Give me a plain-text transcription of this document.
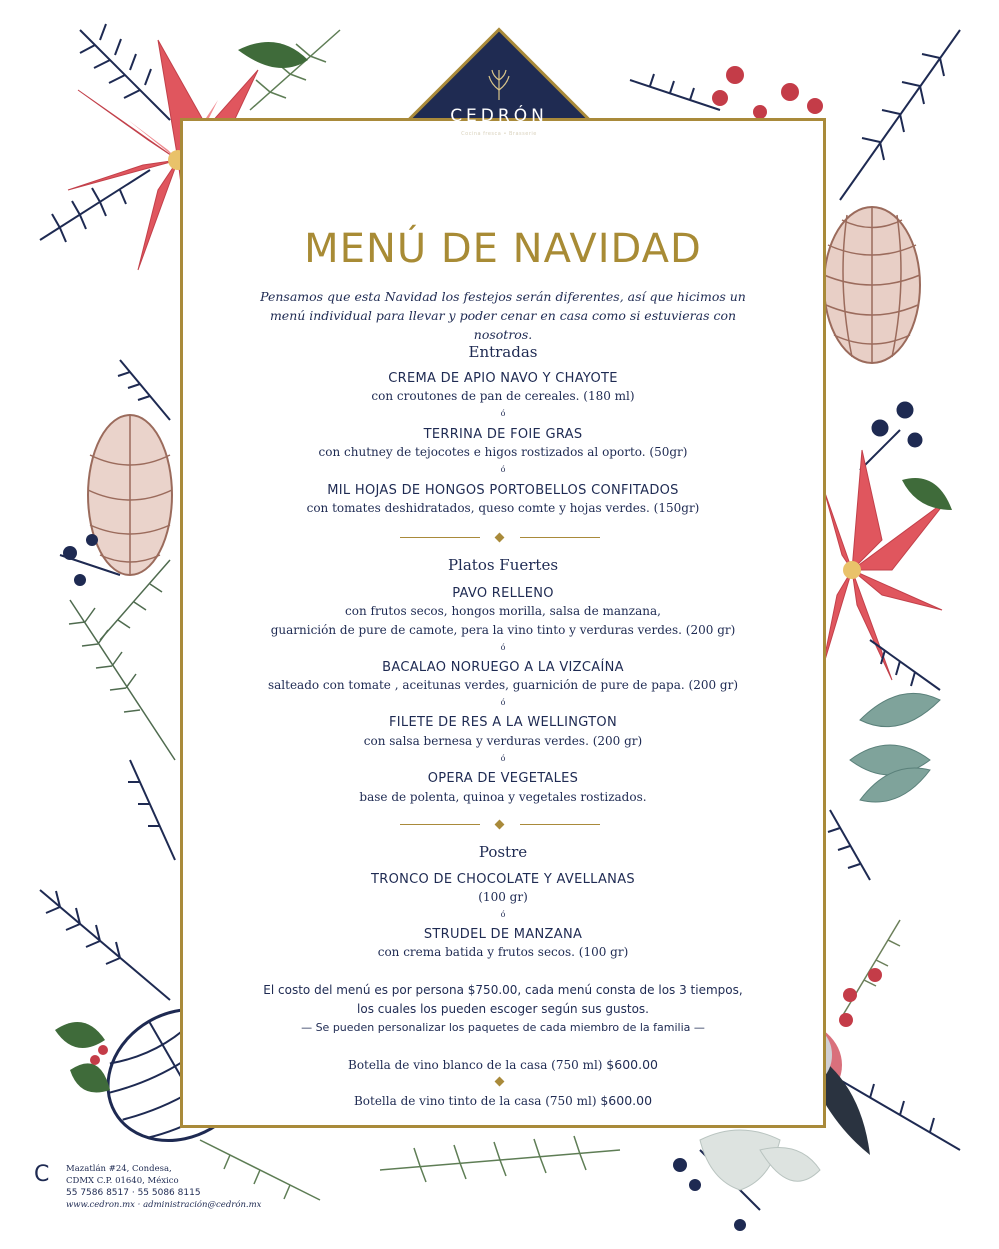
CEDRÓN
Cocina fresca • Brasserie
MENÚ DE NAVIDAD
Pensamos que esta Navidad los festejos serán diferentes, así que hicimos un
menú individual para llevar y poder cenar en casa como si estuvieras con nosotros.
Entradas
CREMA DE APIO NAVO Y CHAYOTE
con croutones de pan de cereales. (180 ml)
ó
TERRINA DE FOIE GRAS
con chutney de tejocotes e higos rostizados al oporto. (50gr)
ó
MIL HOJAS DE HONGOS PORTOBELLOS CONFITADOS
con tomates deshidratados, queso comte y hojas verdes. (150gr)
Platos Fuertes
PAVO RELLENO
con frutos secos, hongos morilla, salsa de manzana,
guarnición de pure de camote, pera la vino tinto y verduras verdes. (200 gr)
ó
BACALAO NORUEGO A LA VIZCAÍNA
salteado con tomate , aceitunas verdes, guarnición de pure de papa. (200 gr)
ó
FILETE DE RES A LA WELLINGTON
con salsa bernesa y verduras verdes. (200 gr)
ó
OPERA DE VEGETALES
base de polenta, quinoa y vegetales rostizados.
Postre
TRONCO DE CHOCOLATE Y AVELLANAS
(100 gr)
ó
STRUDEL DE MANZANA
con crema batida y frutos secos. (100 gr)
El costo del menú es por persona $750.00, cada menú consta de los 3 tiempos,
los cuales los pueden escoger según sus gustos.
— Se pueden personalizar los paquetes de cada miembro de la familia —
Botella de vino blanco de la casa (750 ml) $600.00
Botella de vino tinto de la casa (750 ml) $600.00
C Mazatlán #24, Condesa,
CDMX C.P. 01640, México
55 7586 8517 · 55 5086 8115
www.cedron.mx · administración@cedrón.mx
